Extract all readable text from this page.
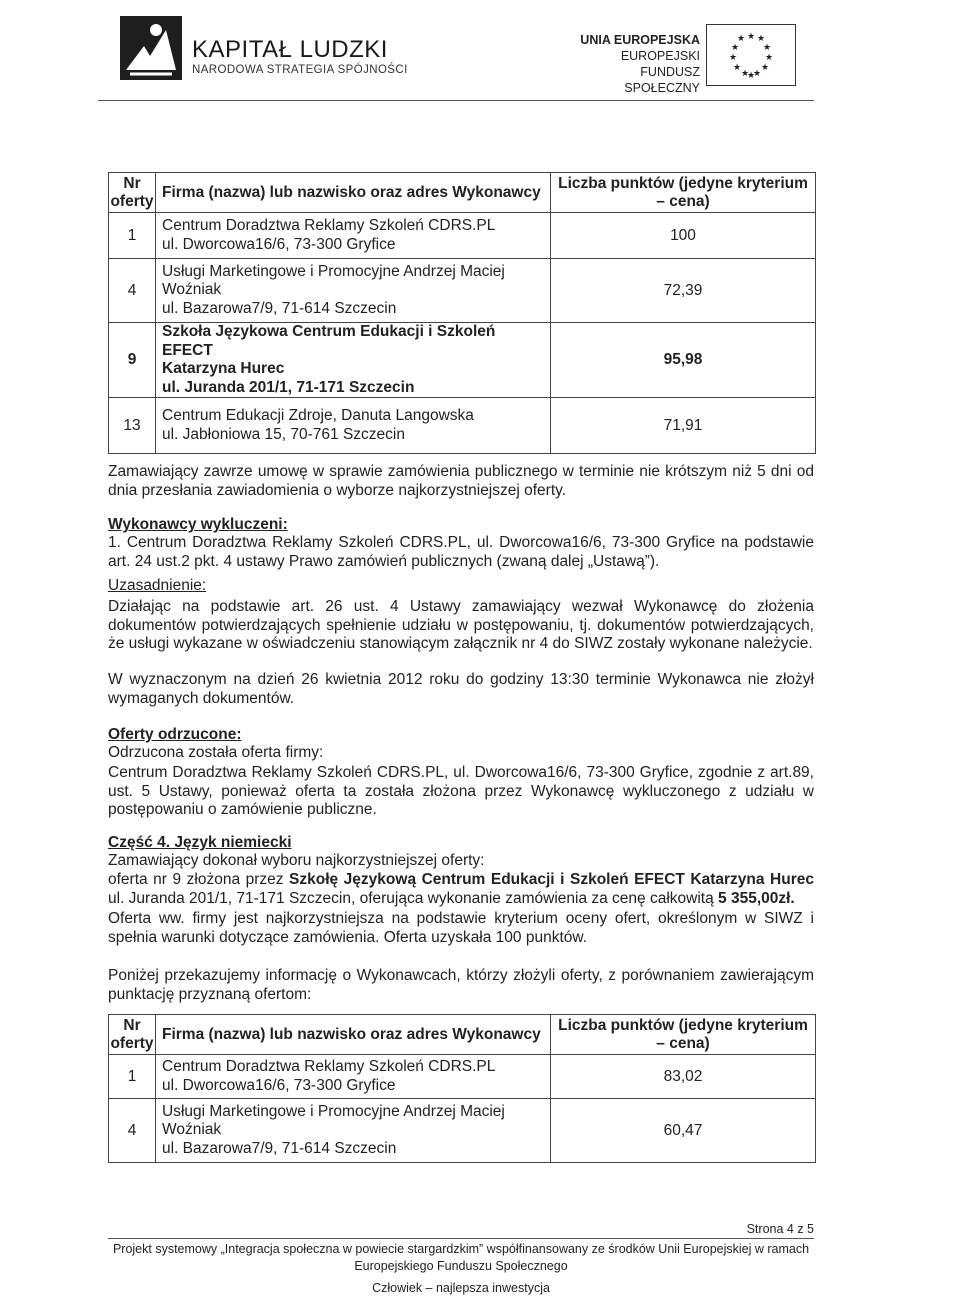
KAPITAŁ LUDZKI
NARODOWA STRATEGIA SPÓJNOŚCI
UNIA EUROPEJSKA
EUROPEJSKI
FUNDUSZ SPOŁECZNY
★ ★
★
★	★
★	★
★ ★
★ ★
★
Nr oferty	Firma (nazwa) lub nazwisko oraz adres Wykonawcy	Liczba punktów (jedyne kryterium – cena)
1	Centrum Doradztwa Reklamy Szkoleń CDRS.PL
ul. Dworcowa16/6, 73-300 Gryfice	100
4	Usługi Marketingowe i Promocyjne Andrzej Maciej
Woźniak
ul. Bazarowa7/9, 71-614 Szczecin	72,39
9	Szkoła Językowa Centrum Edukacji i Szkoleń EFECT
Katarzyna Hurec
ul. Juranda 201/1, 71-171 Szczecin	95,98
13	Centrum Edukacji Zdroje, Danuta Langowska
ul. Jabłoniowa 15, 70-761 Szczecin	71,91
Zamawiający zawrze umowę w sprawie zamówienia publicznego w terminie nie krótszym niż 5 dni od dnia przesłania zawiadomienia o wyborze najkorzystniejszej oferty.
Wykonawcy wykluczeni:
1. Centrum Doradztwa Reklamy Szkoleń CDRS.PL, ul. Dworcowa16/6, 73-300 Gryfice na podstawie art. 24 ust.2 pkt. 4 ustawy Prawo zamówień publicznych (zwaną dalej „Ustawą”).
Uzasadnienie:
Działając na podstawie art. 26 ust. 4 Ustawy zamawiający wezwał Wykonawcę do złożenia dokumentów potwierdzających spełnienie udziału w postępowaniu, tj. dokumentów potwierdzających, że usługi wykazane w oświadczeniu stanowiącym załącznik nr 4 do SIWZ zostały wykonane należycie.
W wyznaczonym na dzień 26 kwietnia 2012 roku do godziny 13:30 terminie Wykonawca nie złożył wymaganych dokumentów.
Oferty odrzucone:
Odrzucona została oferta firmy:
Centrum Doradztwa Reklamy Szkoleń CDRS.PL, ul. Dworcowa16/6, 73-300 Gryfice, zgodnie z art.89, ust. 5 Ustawy, ponieważ oferta ta została złożona przez Wykonawcę wykluczonego z udziału w postępowaniu o zamówienie publiczne.
Część 4. Język niemiecki
Zamawiający dokonał wyboru najkorzystniejszej oferty:
oferta nr 9 złożona przez Szkołę Językową Centrum Edukacji i Szkoleń EFECT Katarzyna Hurec ul. Juranda 201/1, 71-171 Szczecin, oferująca wykonanie zamówienia za cenę całkowitą 5 355,00zł.
Oferta ww. firmy jest najkorzystniejsza na podstawie kryterium oceny ofert, określonym w SIWZ i spełnia warunki dotyczące zamówienia. Oferta uzyskała 100 punktów.
Poniżej przekazujemy informację o Wykonawcach, którzy złożyli oferty, z porównaniem zawierającym punktację przyznaną ofertom:
Nr oferty	Firma (nazwa) lub nazwisko oraz adres Wykonawcy	Liczba punktów (jedyne kryterium – cena)
1	Centrum Doradztwa Reklamy Szkoleń CDRS.PL
ul. Dworcowa16/6, 73-300 Gryfice	83,02
4	Usługi Marketingowe i Promocyjne Andrzej Maciej
Woźniak
ul. Bazarowa7/9, 71-614 Szczecin	60,47
Strona 4 z 5
Projekt systemowy „Integracja społeczna w powiecie stargardzkim” współfinansowany ze środków Unii Europejskiej w ramach
Europejskiego Funduszu Społecznego
Człowiek – najlepsza inwestycja
